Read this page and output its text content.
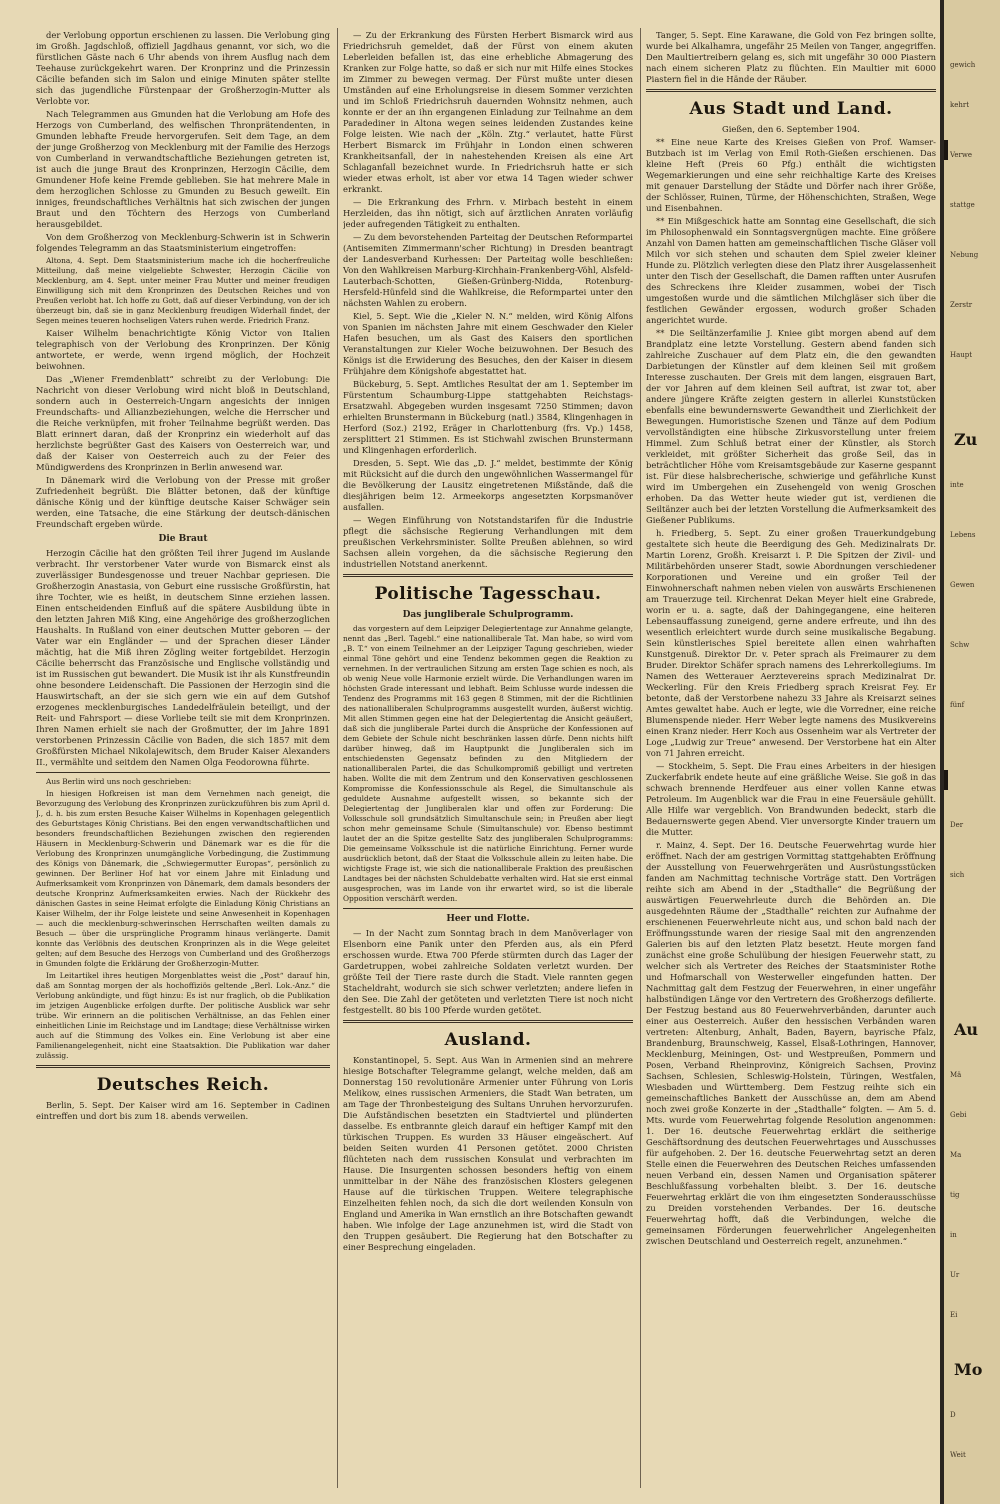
der Verlobung opportun erschienen zu lassen. Die Verlobung ging im Großh. Jagdschloß, offiziell Jagdhaus genannt, vor sich, wo die fürstlichen Gäste nach 6 Uhr abends von ihrem Ausflug nach dem Teehause zurückgekehrt waren. Der Kronprinz und die Prinzessin Cäcilie befanden sich im Salon und einige Minuten später stellte sich das jugendliche Fürstenpaar der Großherzogin-Mutter als Verlobte vor.

Nach Telegrammen aus Gmunden hat die Verlobung am Hofe des Herzogs von Cumberland, des welfischen Thronprätendenten, in Gmunden lebhafte Freude hervorgerufen. Seit dem Tage, an dem der junge Großherzog von Mecklenburg mit der Familie des Herzogs von Cumberland in verwandtschaftliche Beziehungen getreten ist, ist auch die junge Braut des Kronprinzen, Herzogin Cäcilie, dem Gmundener Hofe keine Fremde geblieben. Sie hat mehrere Male in dem herzoglichen Schlosse zu Gmunden zu Besuch geweilt. Ein inniges, freundschaftliches Verhältnis hat sich zwischen der jungen Braut und den Töchtern des Herzogs von Cumberland herausgebildet.

Von dem Großherzog von Mecklenburg-Schwerin ist in Schwerin folgendes Telegramm an das Staatsministerium eingetroffen:

Altona, 4. Sept. Dem Staatsministerium mache ich die hocherfreuliche Mitteilung, daß meine vielgeliebte Schwester, Herzogin Cäcilie von Mecklenburg, am 4. Sept. unter meiner Frau Mutter und meiner freudigen Einwilligung sich mit dem Kronprinzen des Deutschen Reiches und von Preußen verlobt hat. Ich hoffe zu Gott, daß auf dieser Verbindung, von der ich überzeugt bin, daß sie in ganz Mecklenburg freudigen Widerhall findet, der Segen meines teueren hochseligen Vaters ruhen werde. Friedrich Franz.

Kaiser Wilhelm benachrichtigte König Victor von Italien telegraphisch von der Verlobung des Kronprinzen. Der König antwortete, er werde, wenn irgend möglich, der Hochzeit beiwohnen.

Das „Wiener Fremdenblatt“ schreibt zu der Verlobung: Die Nachricht von dieser Verlobung wird nicht bloß in Deutschland, sondern auch in Oesterreich-Ungarn angesichts der innigen Freundschafts- und Allianzbeziehungen, welche die Herrscher und die Reiche verknüpfen, mit froher Teilnahme begrüßt werden. Das Blatt erinnert daran, daß der Kronprinz ein wiederholt auf das herzlichste begrüßter Gast des Kaisers von Oesterreich war, und daß der Kaiser von Oesterreich auch zu der Feier des Mündigwerdens des Kronprinzen in Berlin anwesend war.

In Dänemark wird die Verlobung von der Presse mit großer Zufriedenheit begrüßt. Die Blätter betonen, daß der künftige dänische König und der künftige deutsche Kaiser Schwäger sein werden, eine Tatsache, die eine Stärkung der deutsch-dänischen Freundschaft ergeben würde.

Die Braut

Herzogin Cäcilie hat den größten Teil ihrer Jugend im Auslande verbracht. Ihr verstorbener Vater wurde von Bismarck einst als zuverlässiger Bundesgenosse und treuer Nachbar gepriesen. Die Großherzogin Anastasia, von Geburt eine russische Großfürstin, hat ihre Tochter, wie es heißt, in deutschem Sinne erziehen lassen. Einen entscheidenden Einfluß auf die spätere Ausbildung übte in den letzten Jahren Miß King, eine Angehörige des großherzoglichen Haushalts. In Rußland von einer deutschen Mutter geboren — der Vater war ein Engländer — und der Sprachen dieser Länder mächtig, hat die Miß ihren Zögling weiter fortgebildet. Herzogin Cäcilie beherrscht das Französische und Englische vollständig und ist im Russischen gut bewandert. Die Musik ist ihr als Kunstfreundin ohne besondere Leidenschaft. Die Passionen der Herzogin sind die Hauswirtschaft, an der sie sich gern wie ein auf dem Gutshof erzogenes mecklenburgisches Landedelfräulein beteiligt, und der Reit- und Fahrsport — diese Vorliebe teilt sie mit dem Kronprinzen. Ihren Namen erhielt sie nach der Großmutter, der im Jahre 1891 verstorbenen Prinzessin Cäcilie von Baden, die sich 1857 mit dem Großfürsten Michael Nikolajewitsch, dem Bruder Kaiser Alexanders II., vermählte und seitdem den Namen Olga Feodorowna führte.

Aus Berlin wird uns noch geschrieben:

In hiesigen Hofkreisen ist man dem Vernehmen nach geneigt, die Bevorzugung des Verlobung des Kronprinzen zurückzuführen bis zum April d. J., d. h. bis zum ersten Besuche Kaiser Wilhelms in Kopenhagen gelegentlich des Geburtstages König Christians. Bei den engen verwandtschaftlichen und besonders freundschaftlichen Beziehungen zwischen den regierenden Häusern in Mecklenburg-Schwerin und Dänemark war es die für die Verlobung des Kronprinzen unumgängliche Vorbedingung, die Zustimmung des Königs von Dänemark, die „Schwiegermutter Europas“, persönlich zu gewinnen. Der Berliner Hof hat vor einem Jahre mit Einladung und Aufmerksamkeit vom Kronprinzen von Dänemark, dem damals besonders der deutsche Kronprinz Aufmerksamkeiten erwies. Nach der Rückkehr des dänischen Gastes in seine Heimat erfolgte die Einladung König Christians an Kaiser Wilhelm, der ihr Folge leistete und seine Anwesenheit in Kopenhagen — auch die mecklenburg-schwerinschen Herrschaften weilten damals zu Besuch — über die ursprüngliche Programm hinaus verlängerte. Damit konnte das Verlöbnis des deutschen Kronprinzen als in die Wege geleitet gelten; auf dem Besuche des Herzogs von Cumberland und des Großherzogs in Gmunden folgte die Erklärung der Großherzogin-Mutter.

Im Leitartikel ihres heutigen Morgenblattes weist die „Post“ darauf hin, daß am Sonntag morgen der als hochoffiziös geltende „Berl. Lok.-Anz.“ die Verlobung ankündigte, und fügt hinzu: Es ist nur fraglich, ob die Publikation im jetzigen Augenblicke erfolgen durfte. Der politische Ausblick war sehr trübe. Wir erinnern an die politischen Verhältnisse, an das Fehlen einer einheitlichen Linie im Reichstage und im Landtage; diese Verhältnisse wirken auch auf die Stimmung des Volkes ein. Eine Verlobung ist aber eine Familienangelegenheit, nicht eine Staatsaktion. Die Publikation war daher zulässig.

Deutsches Reich.

Berlin, 5. Sept. Der Kaiser wird am 16. September in Cadinen eintreffen und dort bis zum 18. abends verweilen.

— Zu der Erkrankung des Fürsten Herbert Bismarck wird aus Friedrichsruh gemeldet, daß der Fürst von einem akuten Leberleiden befallen ist, das eine erhebliche Abmagerung des Kranken zur Folge hatte, so daß er sich nur mit Hilfe eines Stockes im Zimmer zu bewegen vermag. Der Fürst mußte unter diesen Umständen auf eine Erholungsreise in diesem Sommer verzichten und im Schloß Friedrichsruh dauernden Wohnsitz nehmen, auch konnte er der an ihn ergangenen Einladung zur Teilnahme an dem Paradediner in Altona wegen seines leidenden Zustandes keine Folge leisten. Wie nach der „Köln. Ztg.“ verlautet, hatte Fürst Herbert Bismarck im Frühjahr in London einen schweren Krankheitsanfall, der in nahestehenden Kreisen als eine Art Schlaganfall bezeichnet wurde. In Friedrichsruh hatte er sich wieder etwas erholt, ist aber vor etwa 14 Tagen wieder schwer erkrankt.

— Die Erkrankung des Frhrn. v. Mirbach besteht in einem Herzleiden, das ihn nötigt, sich auf ärztlichen Anraten vorläufig jeder aufregenden Tätigkeit zu enthalten.

— Zu dem bevorstehenden Parteitag der Deutschen Reformpartei (Antisemiten Zimmermann'scher Richtung) in Dresden beantragt der Landesverband Kurhessen: Der Parteitag wolle beschließen: Von den Wahlkreisen Marburg-Kirchhain-Frankenberg-Vöhl, Alsfeld-Lauterbach-Schotten, Gießen-Grünberg-Nidda, Rotenburg-Hersfeld-Hünfeld sind die Wahlkreise, die Reformpartei unter den nächsten Wahlen zu erobern.

Kiel, 5. Sept. Wie die „Kieler N. N.“ melden, wird König Alfons von Spanien im nächsten Jahre mit einem Geschwader den Kieler Hafen besuchen, um als Gast des Kaisers den sportlichen Veranstaltungen zur Kieler Woche beizuwohnen. Der Besuch des Königs ist die Erwiderung des Besuches, den der Kaiser in diesem Frühjahre dem Königshofe abgestattet hat.

Bückeburg, 5. Sept. Amtliches Resultat der am 1. September im Fürstentum Schaumburg-Lippe stattgehabten Reichstags-Ersatzwahl. Abgegeben wurden insgesamt 7250 Stimmen; davon erhielten Brunstermann in Bückeburg (natl.) 3584, Klingenhagen in Herford (Soz.) 2192, Eräger in Charlottenburg (frs. Vp.) 1458, zersplittert 21 Stimmen. Es ist Stichwahl zwischen Brunstermann und Klingenhagen erforderlich.

Dresden, 5. Sept. Wie das „D. J.“ meldet, bestimmte der König mit Rücksicht auf die durch den ungewöhnlichen Wassermangel für die Bevölkerung der Lausitz eingetretenen Mißstände, daß die diesjährigen beim 12. Armeekorps angesetzten Korpsmanöver ausfallen.

— Wegen Einführung von Notstandstarifen für die Industrie pflegt die sächsische Regierung Verhandlungen mit dem preußischen Verkehrsminister. Sollte Preußen ablehnen, so wird Sachsen allein vorgehen, da die sächsische Regierung den industriellen Notstand anerkennt.

Politische Tagesschau.
Das jungliberale Schulprogramm.

das vorgestern auf dem Leipziger Delegiertentage zur Annahme gelangte, nennt das „Berl. Tagebl.“ eine nationalliberale Tat. Man habe, so wird vom „B. T.“ von einem Teilnehmer an der Leipziger Tagung geschrieben, wieder einmal Töne gehört und eine Tendenz bekommen gegen die Reaktion zu vernehmen. In der vertraulichen Sitzung am ersten Tage schien es noch, als ob wenig Neue volle Harmonie erzielt würde. Die Verhandlungen waren im höchsten Grade interessant und lebhaft. Beim Schlusse wurde indessen die Tendenz des Programms mit 163 gegen 8 Stimmen, mit der die Richtlinien des nationalliberalen Schulprogramms ausgestellt wurden, äußerst wichtig. Mit allen Stimmen gegen eine hat der Delegiertentag die Ansicht geäußert, daß sich die jungliberale Partei durch die Ansprüche der Konfessionen auf dem Gebiete der Schule nicht beschränken lassen dürfe. Denn nichts hilft darüber hinweg, daß im Hauptpunkt die Jungliberalen sich im entschiedensten Gegensatz befinden zu den Mitgliedern der nationalliberalen Partei, die das Schulkompromiß gebilligt und vertreten haben. Wollte die mit dem Zentrum und den Konservativen geschlossenen Kompromisse die Konfessionsschule als Regel, die Simultanschule als geduldete Ausnahme aufgestellt wissen, so bekannte sich der Delegiertentag der Jungliberalen klar und offen zur Forderung: Die Volksschule soll grundsätzlich Simultanschule sein; in Preußen aber liegt schon mehr gemeinsame Schule (Simultanschule) vor. Ebenso bestimmt lautet der an die Spitze gestellte Satz des jungliberalen Schulprogramms: Die gemeinsame Volksschule ist die natürliche Einrichtung. Ferner wurde ausdrücklich betont, daß der Staat die Volksschule allein zu leiten habe. Die wichtigste Frage ist, wie sich die nationalliberale Fraktion des preußischen Landtages bei der nächsten Schuldebatte verhalten wird. Hat sie erst einmal ausgesprochen, was im Lande von ihr erwartet wird, so ist die liberale Opposition verschärft werden.

Heer und Flotte.

— In der Nacht zum Sonntag brach in dem Manöverlager von Elsenborn eine Panik unter den Pferden aus, als ein Pferd erschossen wurde. Etwa 700 Pferde stürmten durch das Lager der Gardetruppen, wobei zahlreiche Soldaten verletzt wurden. Der größte Teil der Tiere raste durch die Stadt. Viele rannten gegen Stacheldraht, wodurch sie sich schwer verletzten; andere liefen in den See. Die Zahl der getöteten und verletzten Tiere ist noch nicht festgestellt. 80 bis 100 Pferde wurden getötet.

Ausland.

Konstantinopel, 5. Sept. Aus Wan in Armenien sind an mehrere hiesige Botschafter Telegramme gelangt, welche melden, daß am Donnerstag 150 revolutionäre Armenier unter Führung von Loris Melikow, eines russischen Armeniers, die Stadt Wan betraten, um am Tage der Thronbesteigung des Sultans Unruhen hervorzurufen. Die Aufständischen besetzten ein Stadtviertel und plünderten dasselbe. Es entbrannte gleich darauf ein heftiger Kampf mit den türkischen Truppen. Es wurden 33 Häuser eingeäschert. Auf beiden Seiten wurden 41 Personen getötet. 2000 Christen flüchteten nach dem russischen Konsulat und verbrachten im Hause. Die Insurgenten schossen besonders heftig von einem unmittelbar in der Nähe des französischen Klosters gelegenen Hause auf die türkischen Truppen. Weitere telegraphische Einzelheiten fehlen noch, da sich die dort weilenden Konsuln von England und Amerika in Wan ernstlich an ihre Botschaften gewandt haben. Wie infolge der Lage anzunehmen ist, wird die Stadt von den Truppen gesäubert. Die Regierung hat den Botschafter zu einer Besprechung eingeladen.

Tanger, 5. Sept. Eine Karawane, die Gold von Fez bringen sollte, wurde bei Alkalhamra, ungefähr 25 Meilen von Tanger, angegriffen. Den Maultiertreibern gelang es, sich mit ungefähr 30 000 Piastern nach einem sicheren Platz zu flüchten. Ein Maultier mit 6000 Piastern fiel in die Hände der Räuber.

Aus Stadt und Land.

Gießen, den 6. September 1904.

** Eine neue Karte des Kreises Gießen von Prof. Wamser-Butzbach ist im Verlag von Emil Roth-Gießen erschienen. Das kleine Heft (Preis 60 Pfg.) enthält die wichtigsten Wegemarkierungen und eine sehr reichhaltige Karte des Kreises mit genauer Darstellung der Städte und Dörfer nach ihrer Größe, der Schlösser, Ruinen, Türme, der Höhenschichten, Straßen, Wege und Eisenbahnen.

** Ein Mißgeschick hatte am Sonntag eine Gesellschaft, die sich im Philosophenwald ein Sonntagsvergnügen machte. Eine größere Anzahl von Damen hatten am gemeinschaftlichen Tische Gläser voll Milch vor sich stehen und schauten dem Spiel zweier kleiner Hunde zu. Plötzlich verlegten diese den Platz ihrer Ausgelassenheit unter den Tisch der Gesellschaft, die Damen rafften unter Ausrufen des Schreckens ihre Kleider zusammen, wobei der Tisch umgestoßen wurde und die sämtlichen Milchgläser sich über die festlichen Gewänder ergossen, wodurch großer Schaden angerichtet wurde.

** Die Seiltänzerfamilie J. Kniee gibt morgen abend auf dem Brandplatz eine letzte Vorstellung. Gestern abend fanden sich zahlreiche Zuschauer auf dem Platz ein, die den gewandten Darbietungen der Künstler auf dem kleinen Seil mit großem Interesse zuschauten. Der Greis mit dem langen, eisgrauen Bart, der vor Jahren auf dem kleinen Seil auftrat, ist zwar tot, aber andere jüngere Kräfte zeigten gestern in allerlei Kunststücken ebenfalls eine bewundernswerte Gewandtheit und Zierlichkeit der Bewegungen. Humoristische Szenen und Tänze auf dem Podium vervollständigten eine hübsche Zirkusvorstellung unter freiem Himmel. Zum Schluß betrat einer der Künstler, als Storch verkleidet, mit größter Sicherheit das große Seil, das in beträchtlicher Höhe vom Kreisamtsgebäude zur Kaserne gespannt ist. Für diese halsbrecherische, schwierige und gefährliche Kunst wird im Umbergehen ein Zusehengeld von wenig Groschen erhoben. Da das Wetter heute wieder gut ist, verdienen die Seiltänzer auch bei der letzten Vorstellung die Aufmerksamkeit des Gießener Publikums.

h. Friedberg, 5. Sept. Zu einer großen Trauerkundgebung gestaltete sich heute die Beerdigung des Geh. Medizinalrats Dr. Martin Lorenz, Großh. Kreisarzt i. P. Die Spitzen der Zivil- und Militärbehörden unserer Stadt, sowie Abordnungen verschiedener Korporationen und Vereine und ein großer Teil der Einwohnerschaft nahmen neben vielen von auswärts Erschienenen am Trauerzuge teil. Kirchenrat Dekan Meyer hielt eine Grabrede, worin er u. a. sagte, daß der Dahingegangene, eine heiteren Lebensauffassung zuneigend, gerne andere erfreute, und ihn des wesentlich erleichtert wurde durch seine musikalische Begabung. Sein künstlerisches Spiel bereitete allen einen wahrhaften Kunstgenuß. Direktor Dr. v. Peter sprach als Freimaurer zu dem Bruder. Direktor Schäfer sprach namens des Lehrerkollegiums. Im Namen des Wetterauer Aerztevereins sprach Medizinalrat Dr. Weckerling. Für den Kreis Friedberg sprach Kreisrat Fey. Er betonte, daß der Verstorbene nahezu 33 Jahre als Kreisarzt seines Amtes gewaltet habe. Auch er legte, wie die Vorredner, eine reiche Blumenspende nieder. Herr Weber legte namens des Musikvereins einen Kranz nieder. Herr Koch aus Ossenheim war als Vertreter der Loge „Ludwig zur Treue“ anwesend. Der Verstorbene hat ein Alter von 71 Jahren erreicht.

— Stockheim, 5. Sept. Die Frau eines Arbeiters in der hiesigen Zuckerfabrik endete heute auf eine gräßliche Weise. Sie goß in das schwach brennende Herdfeuer aus einer vollen Kanne etwas Petroleum. Im Augenblick war die Frau in eine Feuersäule gehüllt. Alle Hilfe war vergeblich. Von Brandwunden bedeckt, starb die Bedauernswerte gegen Abend. Vier unversorgte Kinder trauern um die Mutter.

r. Mainz, 4. Sept. Der 16. Deutsche Feuerwehrtag wurde hier eröffnet. Nach der am gestrigen Vormittag stattgehabten Eröffnung der Ausstellung von Feuerwehrgeräten und Ausrüstungsstücken fanden am Nachmittag technische Vorträge statt. Den Vorträgen reihte sich am Abend in der „Stadthalle“ die Begrüßung der auswärtigen Feuerwehrleute durch die Behörden an. Die ausgedehnten Räume der „Stadthalle“ reichten zur Aufnahme der erschienenen Feuerwehrleute nicht aus, und schon bald nach der Eröffnungsstunde waren der riesige Saal mit den angrenzenden Galerien bis auf den letzten Platz besetzt. Heute morgen fand zunächst eine große Schulübung der hiesigen Feuerwehr statt, zu welcher sich als Vertreter des Reiches der Staatsminister Rothe und Hofmarschall von Westerweller eingefunden hatten. Der Nachmittag galt dem Festzug der Feuerwehren, in einer ungefähr halbstündigen Länge vor den Vertretern des Großherzogs defilierte. Der Festzug bestand aus 80 Feuerwehrverbänden, darunter auch einer aus Oesterreich. Außer den hessischen Verbänden waren vertreten: Altenburg, Anhalt, Baden, Bayern, bayrische Pfalz, Brandenburg, Braunschweig, Kassel, Elsaß-Lothringen, Hannover, Mecklenburg, Meiningen, Ost- und Westpreußen, Pommern und Posen, Verband Rheinprovinz, Königreich Sachsen, Provinz Sachsen, Schlesien, Schleswig-Holstein, Türingen, Westfalen, Wiesbaden und Württemberg. Dem Festzug reihte sich ein gemeinschaftliches Bankett der Ausschüsse an, dem am Abend noch zwei große Konzerte in der „Stadthalle“ folgten. — Am 5. d. Mts. wurde vom Feuerwehrtag folgende Resolution angenommen: 1. Der 16. deutsche Feuerwehrtag erklärt die seitherige Geschäftsordnung des deutschen Feuerwehrtages und Ausschusses für aufgehoben. 2. Der 16. deutsche Feuerwehrtag setzt an deren Stelle einen die Feuerwehren des Deutschen Reiches umfassenden neuen Verband ein, dessen Namen und Organisation späterer Beschlußfassung vorbehalten bleibt. 3. Der 16. deutsche Feuerwehrtag erklärt die von ihm eingesetzten Sonderausschüsse zu Dreiden vorstehenden Verbandes. Der 16. deutsche Feuerwehrtag hofft, daß die Verbindungen, welche die gemeinsamen Förderungen feuerwehrlicher Angelegenheiten zwischen Deutschland und Oesterreich regelt, anzunehmen.“

gewich
kehrt
Verwe
stattge
Nebung
Zerstr
Haupt
Zu
inte
Lebens
Gewen
Schw
fünf
Der
sich
Au
Mä
Gebi
Ma
tig
in
Ur
Ei
Mo
D
Weit
